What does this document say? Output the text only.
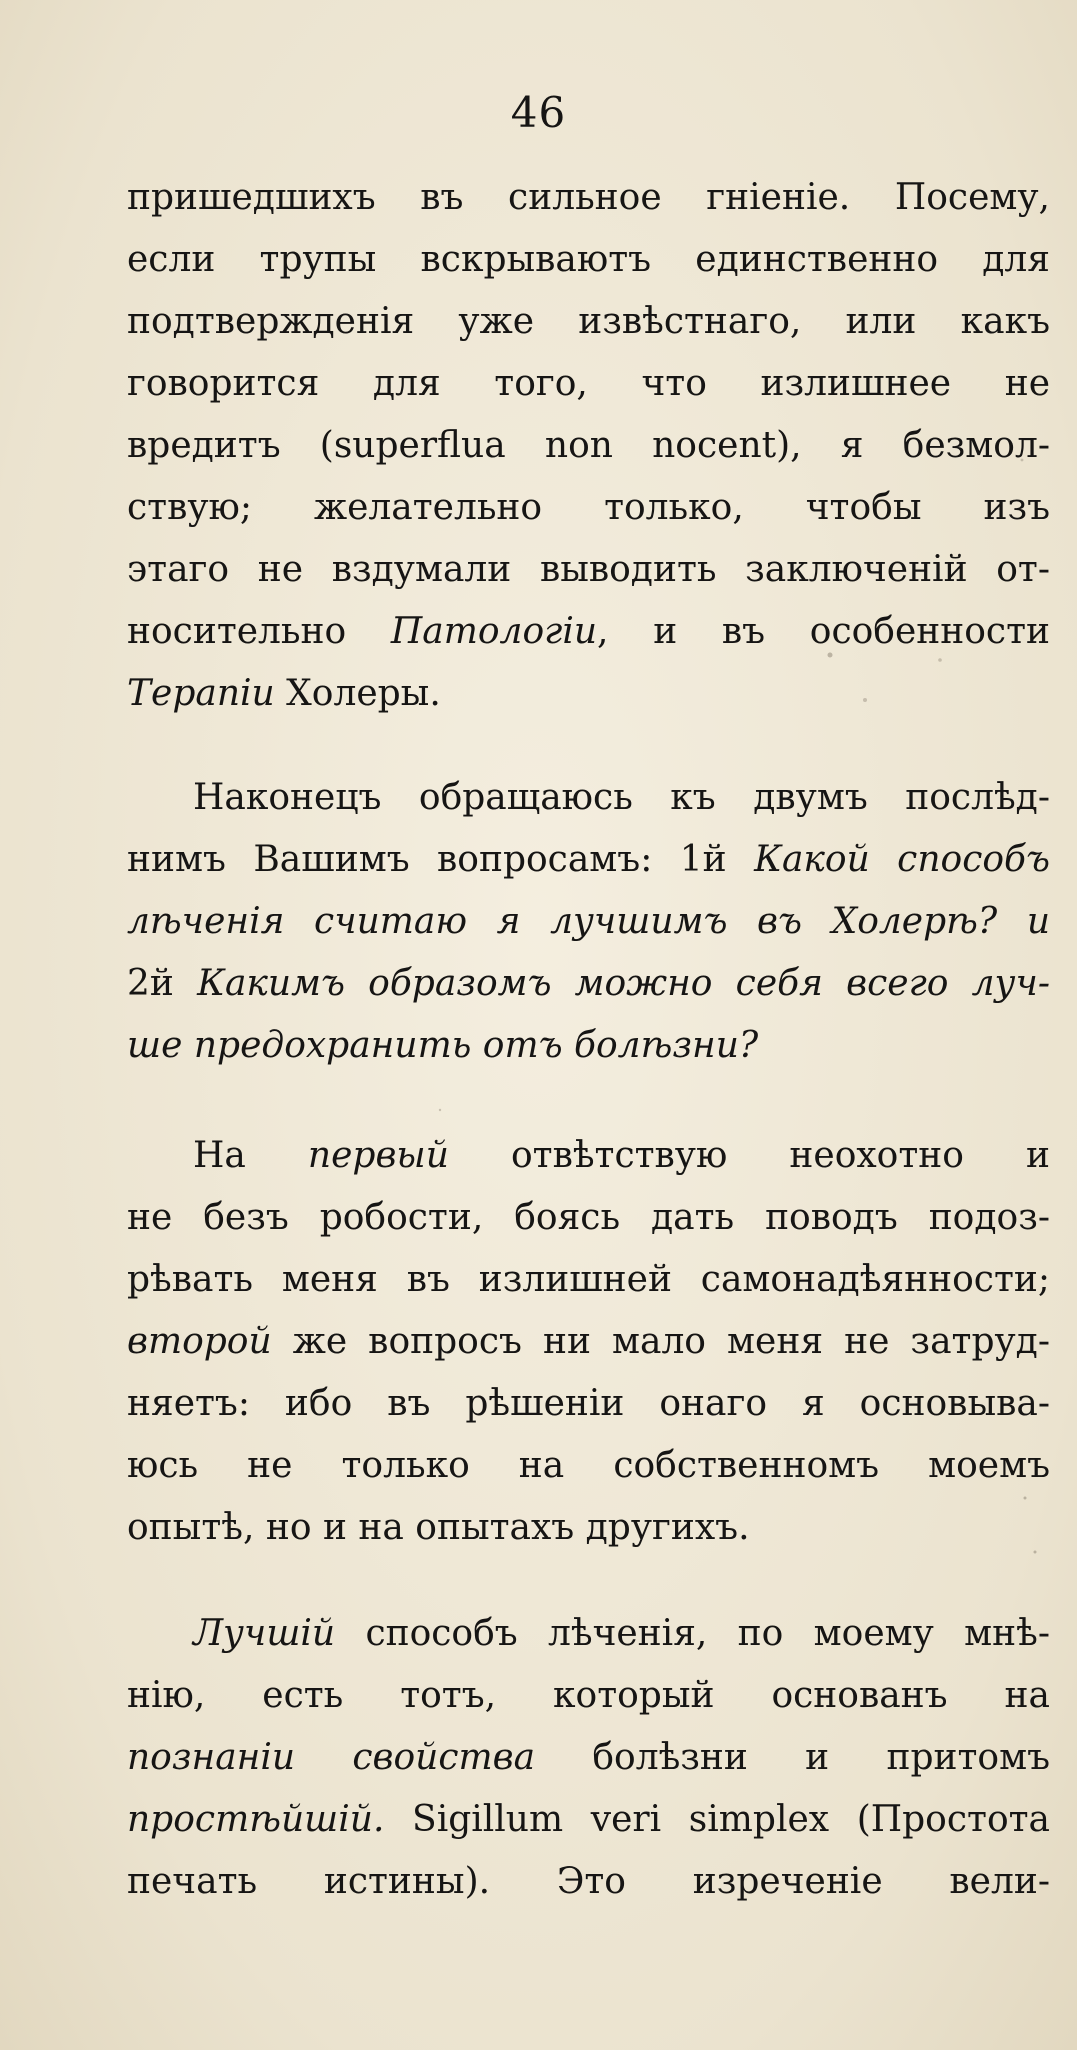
46
пришедшихъ въ сильное гніеніе. Посему,
если трупы вскрываютъ единственно для
подтвержденія уже извѣстнаго, или какъ
говорится для того, что излишнее не
вредитъ (superflua non nocent), я безмол-
ствую; желательно только, чтобы изъ
этаго не вздумали выводить заключеній от-
носительно Патологіи, и въ особенности
Терапіи Холеры.
Наконецъ обращаюсь къ двумъ послѣд-
нимъ Вашимъ вопросамъ: 1й Какой способъ
лѣченія считаю я лучшимъ въ Холерѣ? и
2й Какимъ образомъ можно себя всего луч-
ше предохранить отъ болѣзни?
На первый отвѣтствую неохотно и
не безъ робости, боясь дать поводъ подоз-
рѣвать меня въ излишней самонадѣянности;
второй же вопросъ ни мало меня не затруд-
няетъ: ибо въ рѣшеніи онаго я основыва-
юсь не только на собственномъ моемъ
опытѣ, но и на опытахъ другихъ.
Лучшій способъ лѣченія, по моему мнѣ-
нію, есть тотъ, который основанъ на
познаніи свойства болѣзни и притомъ
простѣйшій. Sigillum veri simplex (Простота
печать истины). Это изреченіе вели-
